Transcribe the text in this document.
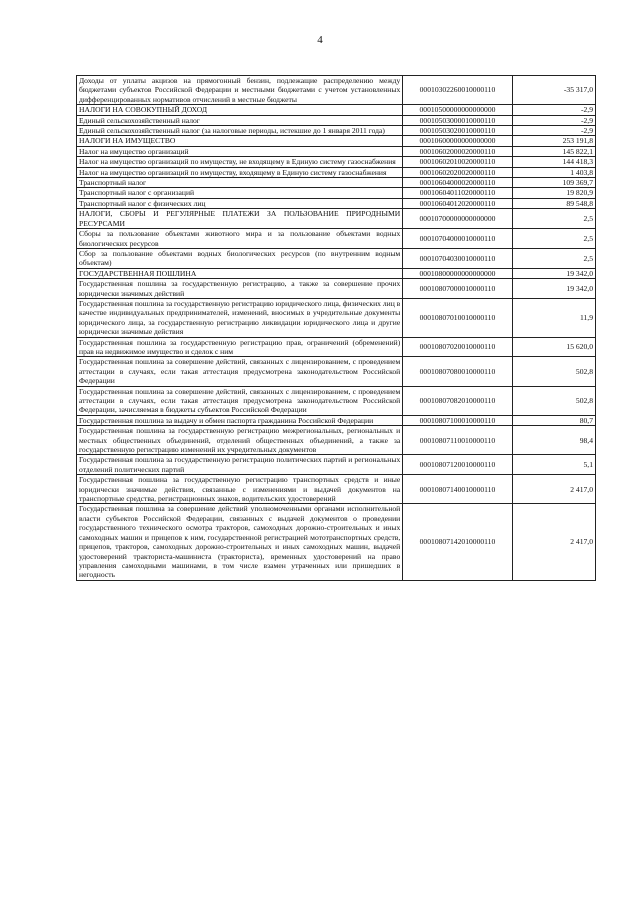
4
Доходы от уплаты акцизов на прямогонный бензин, подлежащие распределению между бюджетами субъектов Российской Федерации и местными бюджетами с учетом установленных дифференцированных нормативов отчислений в местные бюджеты	00010302260010000110	-35 317,0
НАЛОГИ НА СОВОКУПНЫЙ ДОХОД	00010500000000000000	-2,9
Единый сельскохозяйственный налог	00010503000010000110	-2,9
Единый сельскохозяйственный налог (за налоговые периоды, истекшие до 1 января 2011 года)	00010503020010000110	-2,9
НАЛОГИ НА ИМУЩЕСТВО	00010600000000000000	253 191,8
Налог на имущество организаций	00010602000020000110	145 822,1
Налог на имущество организаций по имуществу, не входящему в Единую систему газоснабжения	00010602010020000110	144 418,3
Налог на имущество организаций по имуществу, входящему в Единую систему газоснабжения	00010602020020000110	1 403,8
Транспортный налог	00010604000020000110	109 369,7
Транспортный налог с организаций	00010604011020000110	19 820,9
Транспортный налог с физических лиц	00010604012020000110	89 548,8
НАЛОГИ, СБОРЫ И РЕГУЛЯРНЫЕ ПЛАТЕЖИ ЗА ПОЛЬЗОВАНИЕ ПРИРОДНЫМИ РЕСУРСАМИ	00010700000000000000	2,5
Сборы за пользование объектами животного мира и за пользование объектами водных биологических ресурсов	00010704000010000110	2,5
Сбор за пользование объектами водных биологических ресурсов (по внутренним водным объектам)	00010704030010000110	2,5
ГОСУДАРСТВЕННАЯ ПОШЛИНА	00010800000000000000	19 342,0
Государственная пошлина за государственную регистрацию, а также за совершение прочих юридически значимых действий	00010807000010000110	19 342,0
Государственная пошлина за государственную регистрацию юридического лица, физических лиц в качестве индивидуальных предпринимателей, изменений, вносимых в учредительные документы юридического лица, за государственную регистрацию ликвидации юридического лица и другие юридически значимые действия	00010807010010000110	11,9
Государственная пошлина за государственную регистрацию прав, ограничений (обременений) прав на недвижимое имущество и сделок с ним	00010807020010000110	15 620,0
Государственная пошлина за совершение действий, связанных с лицензированием, с проведением аттестации в случаях, если такая аттестация предусмотрена законодательством Российской Федерации	00010807080010000110	502,8
Государственная пошлина за совершение действий, связанных с лицензированием, с проведением аттестации в случаях, если такая аттестация предусмотрена законодательством Российской Федерации, зачисляемая в бюджеты субъектов Российской Федерации	00010807082010000110	502,8
Государственная пошлина за выдачу и обмен паспорта гражданина Российской Федерации	00010807100010000110	80,7
Государственная пошлина за государственную регистрацию межрегиональных, региональных и местных общественных объединений, отделений общественных объединений, а также за государственную регистрацию изменений их учредительных документов	00010807110010000110	98,4
Государственная пошлина за государственную регистрацию политических партий и региональных отделений политических партий	00010807120010000110	5,1
Государственная пошлина за государственную регистрацию транспортных средств и иные юридически значимые действия, связанные с изменениями и выдачей документов на транспортные средства, регистрационных знаков, водительских удостоверений	00010807140010000110	2 417,0
Государственная пошлина за совершение действий уполномоченными органами исполнительной власти субъектов Российской Федерации, связанных с выдачей документов о проведении государственного технического осмотра тракторов, самоходных дорожно-строительных и иных самоходных машин и прицепов к ним, государственной регистрацией мототранспортных средств, прицепов, тракторов, самоходных дорожно-строительных и иных самоходных машин, выдачей удостоверений тракториста-машиниста (тракториста), временных удостоверений на право управления самоходными машинами, в том числе взамен утраченных или пришедших в негодность	00010807142010000110	2 417,0
